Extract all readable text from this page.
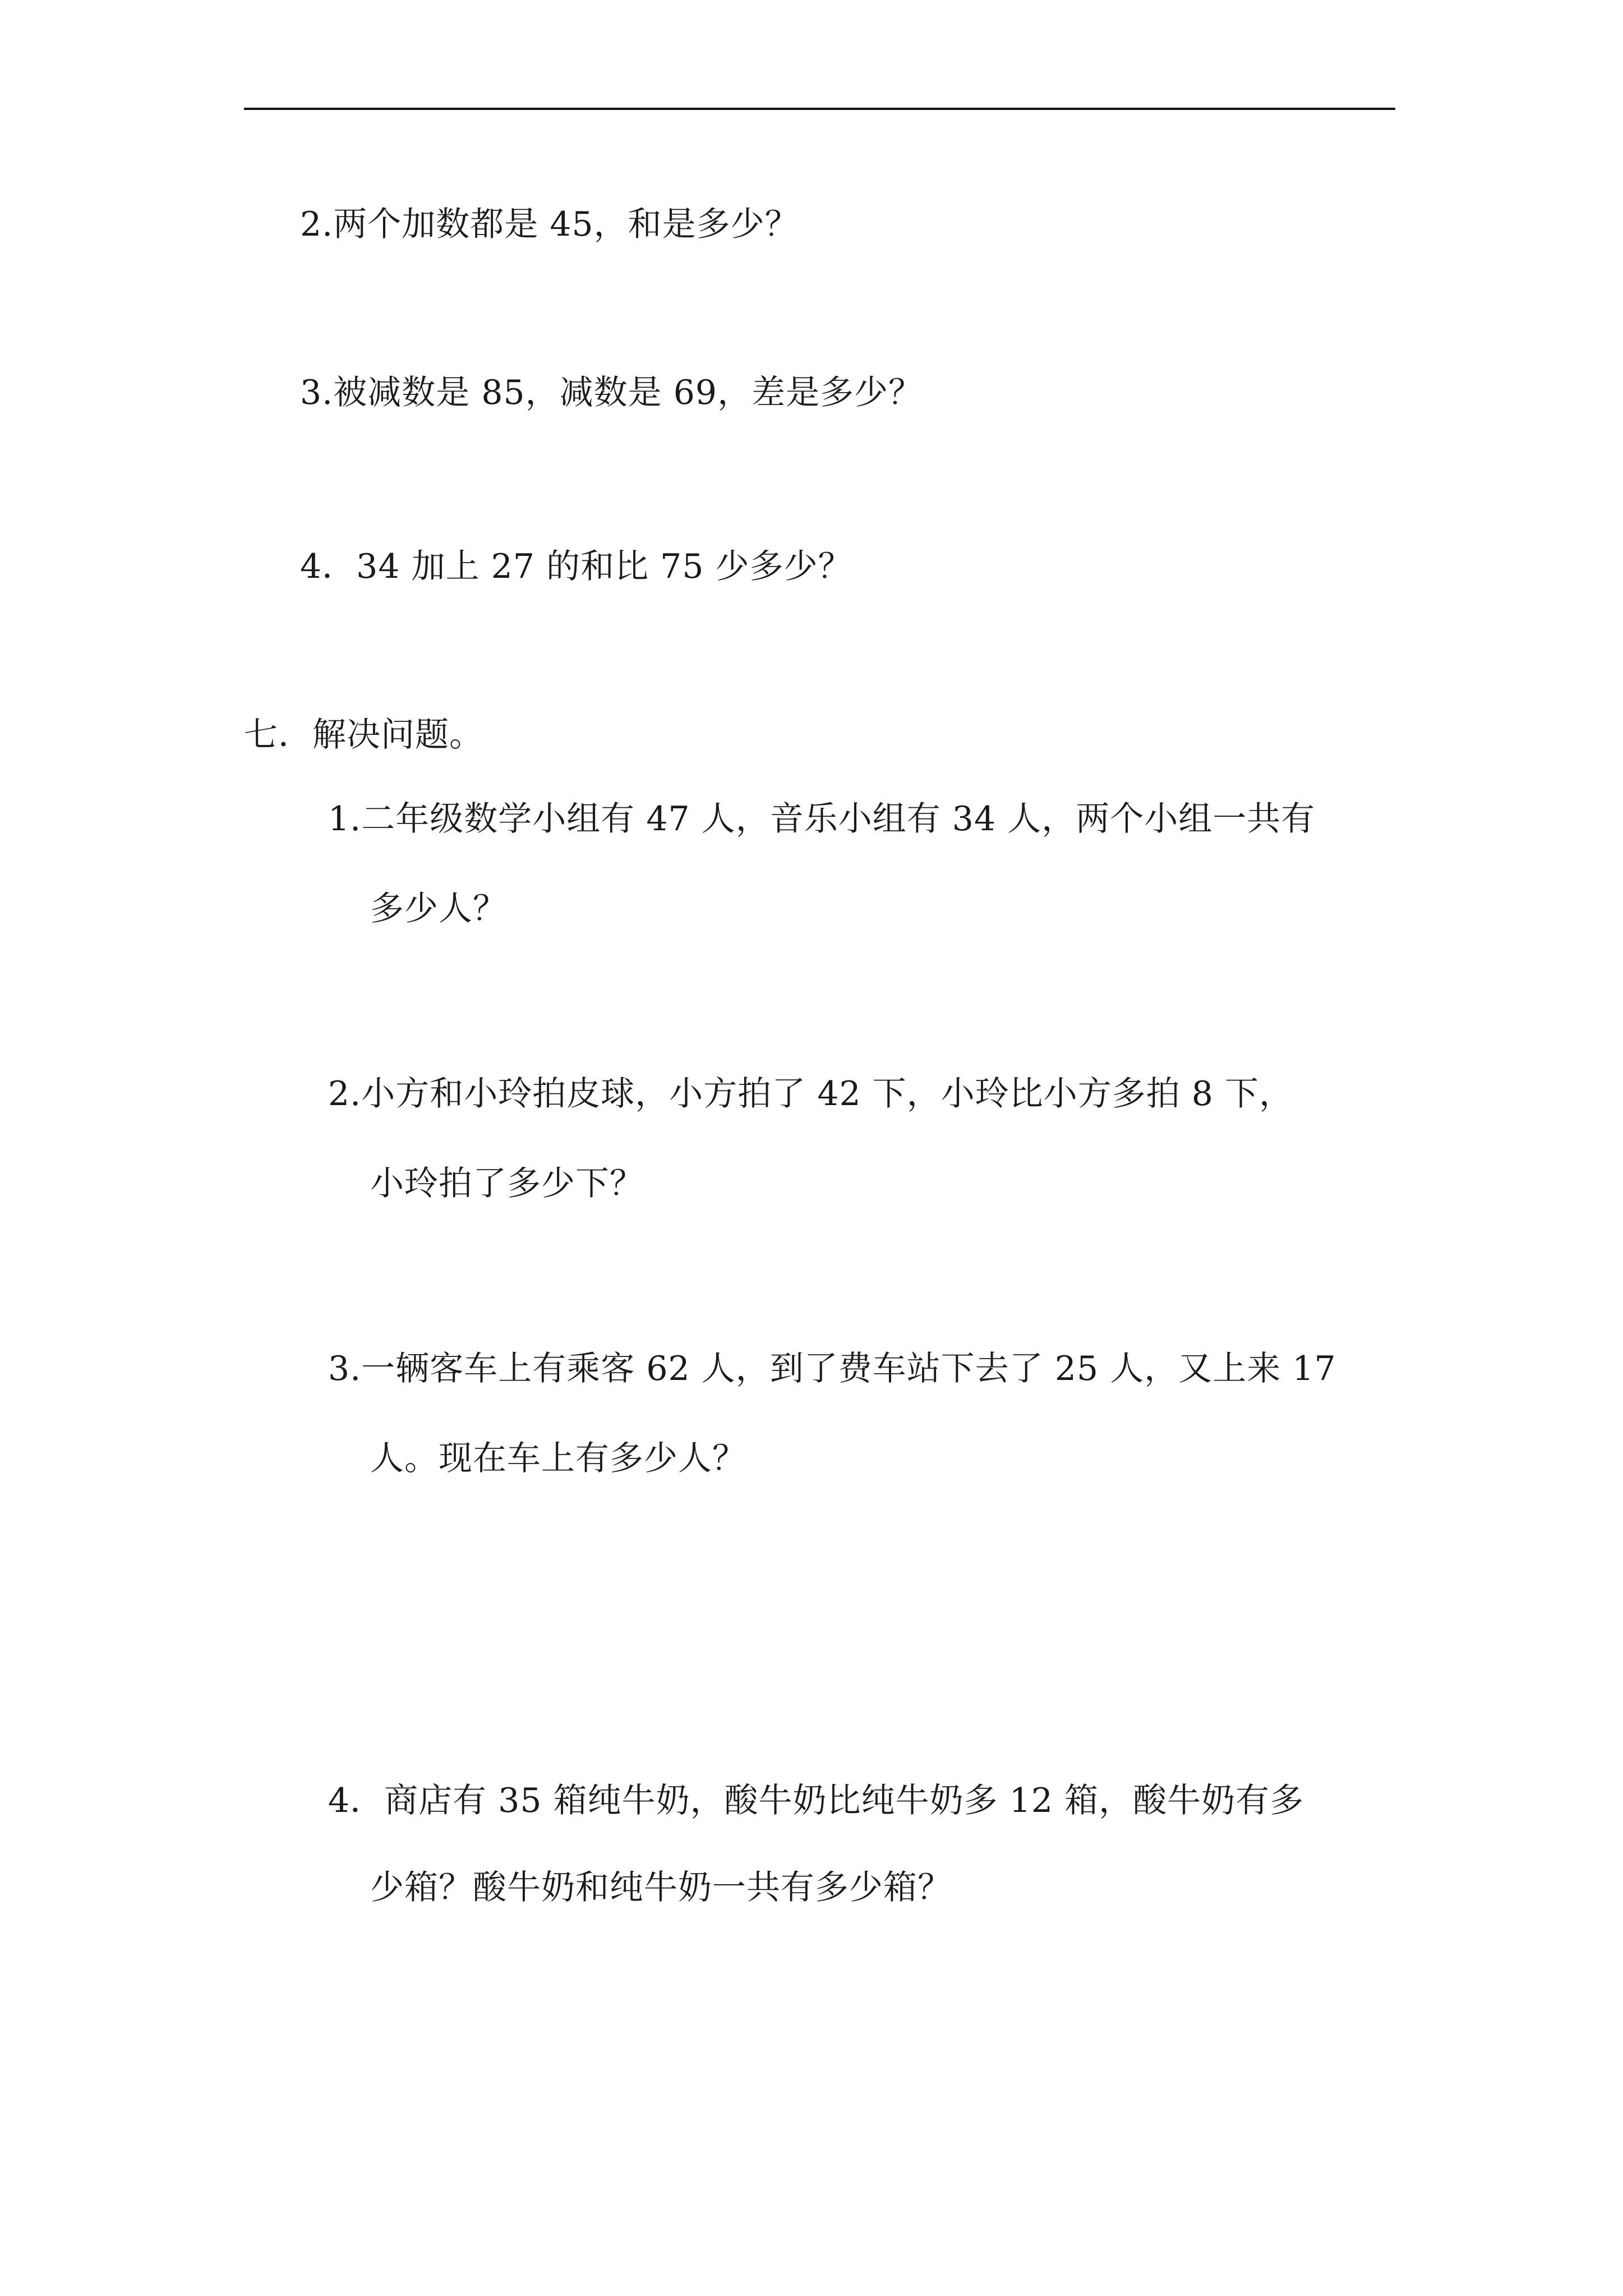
2.两个加数都是 45，和是多少？
3.被减数是 85，减数是 69，差是多少？
4．34 加上 27 的和比 75 少多少？
七．解决问题。
1.二年级数学小组有 47 人，音乐小组有 34 人，两个小组一共有
多少人？
2.小方和小玲拍皮球，小方拍了 42 下，小玲比小方多拍 8 下，
小玲拍了多少下？
3.一辆客车上有乘客 62 人，到了费车站下去了 25 人，又上来 17
人。现在车上有多少人？
4．商店有 35 箱纯牛奶，酸牛奶比纯牛奶多 12 箱，酸牛奶有多
少箱？酸牛奶和纯牛奶一共有多少箱？
